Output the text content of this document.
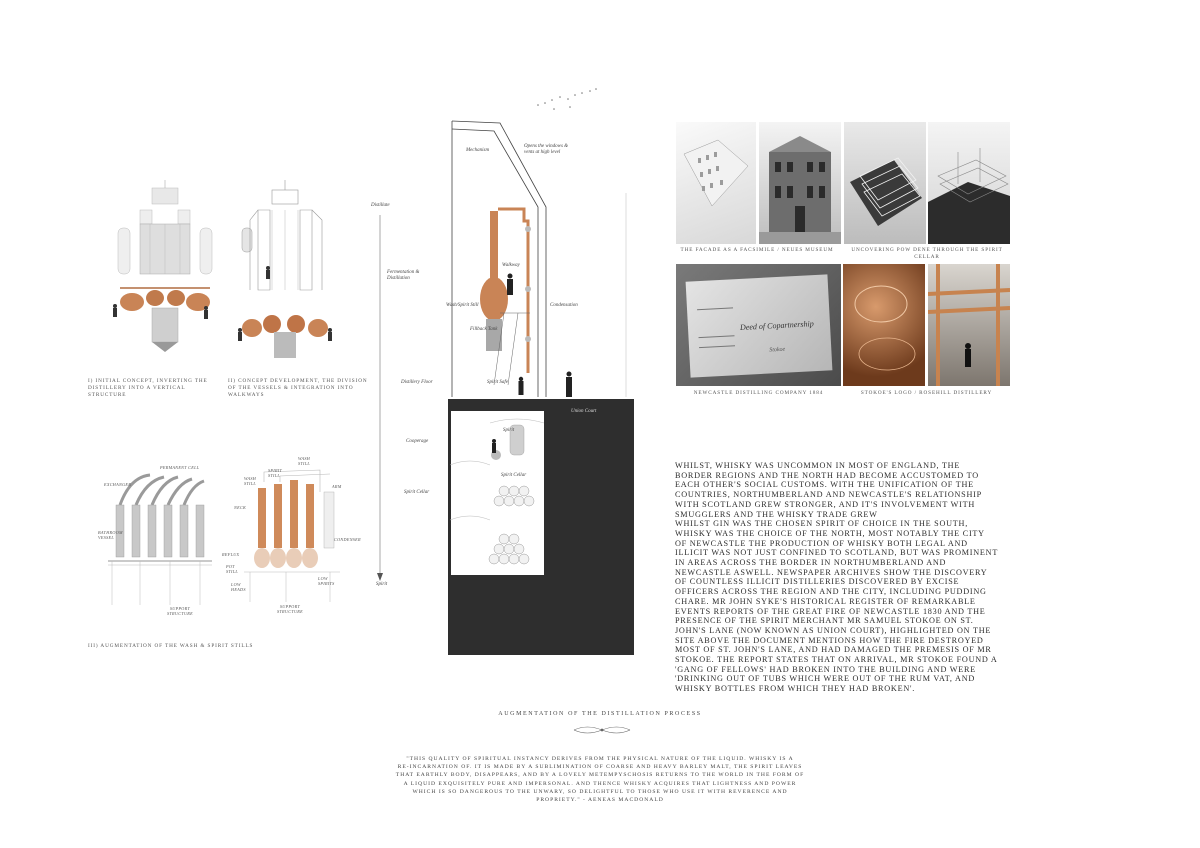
I) INITIAL CONCEPT, INVERTING THE DISTILLERY INTO A VERTICAL STRUCTURE
II) CONCEPT DEVELOPMENT, THE DIVISION OF THE VESSELS & INTEGRATION INTO WALKWAYS
EXCHANGER
BATHROOM VESSEL
PERMANENT CELL
SUPPORT STRUCTURE
WASH STILL
SPIRIT STILL
WASH STILL
ARM
NECK
CONDENSER
REFLUX
POT STILL
LOW HEADS
LOW SPIRITS
SUPPORT STRUCTURE
III) AUGMENTATION OF THE WASH & SPIRIT STILLS
Mechanism
Opens the windows & vents at high level
Distillate
Fermentation & Distillation
Walkway
Wash/Spirit Still	Condensation
Fillback Tank
Distillery Floor	Spirit Safe
Union Court
Cooperage
Spirit Cellar
Spirit
Spirit Cellar
Spirit
THE FACADE AS A FACSIMILE / NEUES MUSEUM	UNCOVERING POW DENE THROUGH THE SPIRIT CELLAR
Deed of Copartnership
Stokoe
NEWCASTLE DISTILLING COMPANY 1884	STOKOE'S LOGO / ROSEHILL DISTILLERY
WHILST, WHISKY WAS UNCOMMON IN MOST OF ENGLAND, THE
BORDER REGIONS AND THE NORTH HAD BECOME ACCUSTOMED TO
EACH OTHER'S SOCIAL CUSTOMS. WITH THE UNIFICATION OF THE
COUNTRIES, NORTHUMBERLAND AND NEWCASTLE'S RELATIONSHIP
WITH SCOTLAND GREW STRONGER, AND IT'S INVOLVEMENT WITH
SMUGGLERS AND THE WHISKY TRADE GREW
WHILST GIN WAS THE CHOSEN SPIRIT OF CHOICE IN THE SOUTH,
WHISKY WAS THE CHOICE OF THE NORTH, MOST NOTABLY THE CITY
OF NEWCASTLE THE PRODUCTION OF WHISKY BOTH LEGAL AND
ILLICIT WAS NOT JUST CONFINED TO SCOTLAND, BUT WAS PROMINENT
IN AREAS ACROSS THE BORDER IN NORTHUMBERLAND AND
NEWCASTLE ASWELL. NEWSPAPER ARCHIVES SHOW THE DISCOVERY
OF COUNTLESS ILLICIT DISTILLERIES DISCOVERED BY EXCISE
OFFICERS ACROSS THE REGION AND THE CITY, INCLUDING PUDDING
CHARE. MR JOHN SYKE'S HISTORICAL REGISTER OF REMARKABLE
EVENTS REPORTS OF THE GREAT FIRE OF NEWCASTLE 1830 AND THE
PRESENCE OF THE SPIRIT MERCHANT MR SAMUEL STOKOE ON ST.
JOHN'S LANE (NOW KNOWN AS UNION COURT), HIGHLIGHTED ON THE
SITE ABOVE THE DOCUMENT MENTIONS HOW THE FIRE DESTROYED
MOST OF ST. JOHN'S LANE, AND HAD DAMAGED THE PREMESIS OF MR
STOKOE. THE REPORT STATES THAT ON ARRIVAL, MR STOKOE FOUND A
'GANG OF FELLOWS' HAD BROKEN INTO THE BUILDING AND WERE
'DRINKING OUT OF TUBS WHICH WERE OUT OF THE RUM VAT, AND
WHISKY BOTTLES FROM WHICH THEY HAD BROKEN'.
AUGMENTATION OF THE DISTILLATION PROCESS
"THIS QUALITY OF SPIRITUAL INSTANCY DERIVES FROM THE PHYSICAL NATURE OF THE LIQUID. WHISKY IS A
RE-INCARNATION OF. IT IS MADE BY A SUBLIMINATION OF COARSE AND HEAVY BARLEY MALT, THE SPIRIT LEAVES
THAT EARTHLY BODY, DISAPPEARS, AND BY A LOVELY METEMPYSCHOSIS RETURNS TO THE WORLD IN THE FORM OF
A LIQUID EXQUISITELY PURE AND IMPERSONAL. AND THENCE WHISKY ACQUIRES THAT LIGHTNESS AND POWER
WHICH IS SO DANGEROUS TO THE UNWARY, SO DELIGHTFUL TO THOSE WHO USE IT WITH REVERENCE AND
PROPRIETY." - AENEAS MACDONALD
